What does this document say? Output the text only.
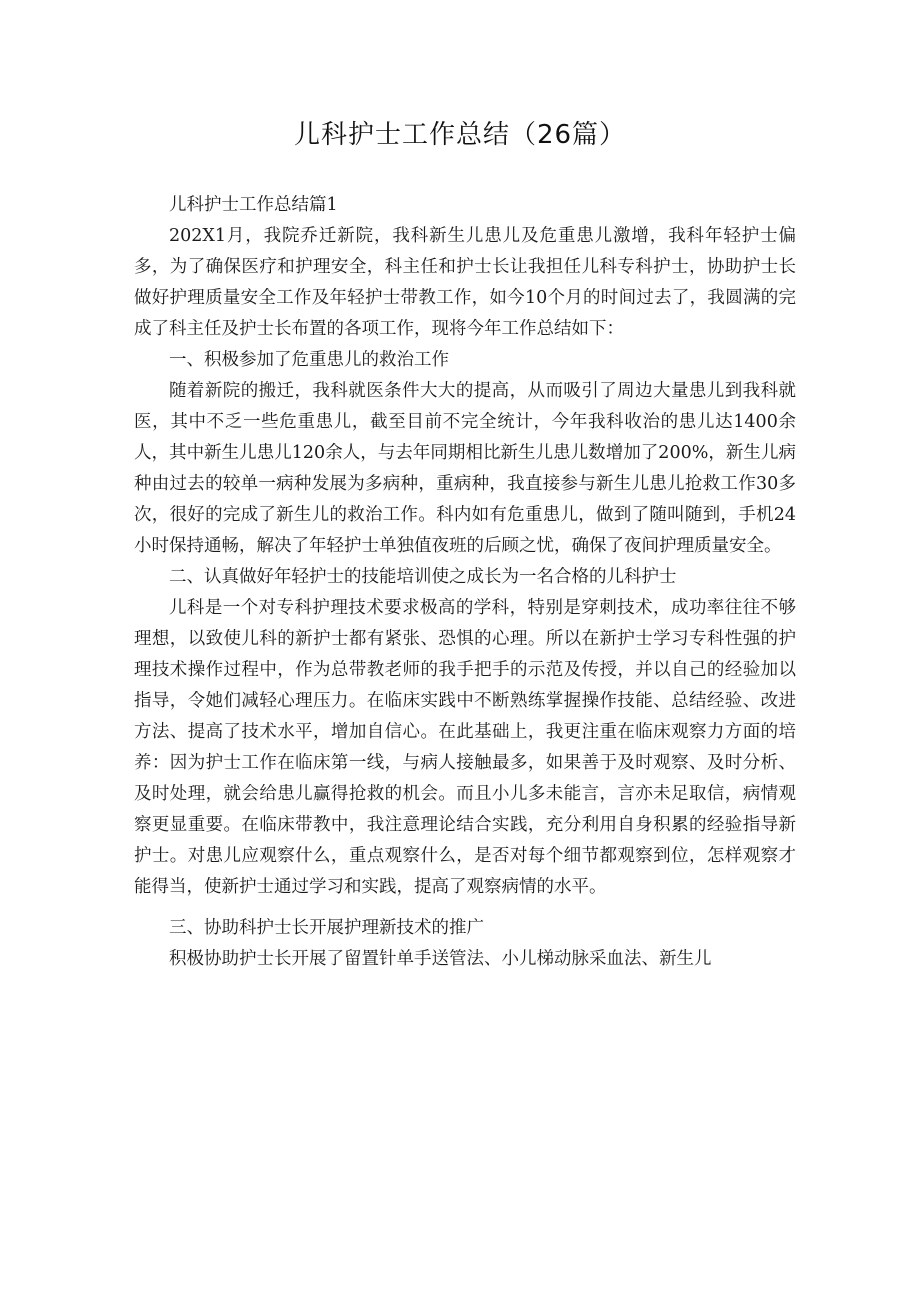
儿科护士工作总结（26篇）

儿科护士工作总结篇1

202X1月，我院乔迁新院，我科新生儿患儿及危重患儿激增，我科年轻护士偏多，为了确保医疗和护理安全，科主任和护士长让我担任儿科专科护士，协助护士长做好护理质量安全工作及年轻护士带教工作，如今10个月的时间过去了，我圆满的完成了科主任及护士长布置的各项工作，现将今年工作总结如下：

一、积极参加了危重患儿的救治工作

随着新院的搬迁，我科就医条件大大的提高，从而吸引了周边大量患儿到我科就医，其中不乏一些危重患儿，截至目前不完全统计，今年我科收治的患儿达1400余人，其中新生儿患儿120余人，与去年同期相比新生儿患儿数增加了200%，新生儿病种由过去的较单一病种发展为多病种，重病种，我直接参与新生儿患儿抢救工作30多次，很好的完成了新生儿的救治工作。科内如有危重患儿，做到了随叫随到，手机24小时保持通畅，解决了年轻护士单独值夜班的后顾之忧，确保了夜间护理质量安全。

二、认真做好年轻护士的技能培训使之成长为一名合格的儿科护士

儿科是一个对专科护理技术要求极高的学科，特别是穿刺技术，成功率往往不够理想，以致使儿科的新护士都有紧张、恐惧的心理。所以在新护士学习专科性强的护理技术操作过程中，作为总带教老师的我手把手的示范及传授，并以自己的经验加以指导，令她们减轻心理压力。在临床实践中不断熟练掌握操作技能、总结经验、改进方法、提高了技术水平，增加自信心。在此基础上，我更注重在临床观察力方面的培养：因为护士工作在临床第一线，与病人接触最多，如果善于及时观察、及时分析、及时处理，就会给患儿赢得抢救的机会。而且小儿多未能言，言亦未足取信，病情观察更显重要。在临床带教中，我注意理论结合实践，充分利用自身积累的经验指导新护士。对患儿应观察什么，重点观察什么，是否对每个细节都观察到位，怎样观察才能得当，使新护士通过学习和实践，提高了观察病情的水平。

三、协助科护士长开展护理新技术的推广

积极协助护士长开展了留置针单手送管法、小儿梯动脉采血法、新生儿
